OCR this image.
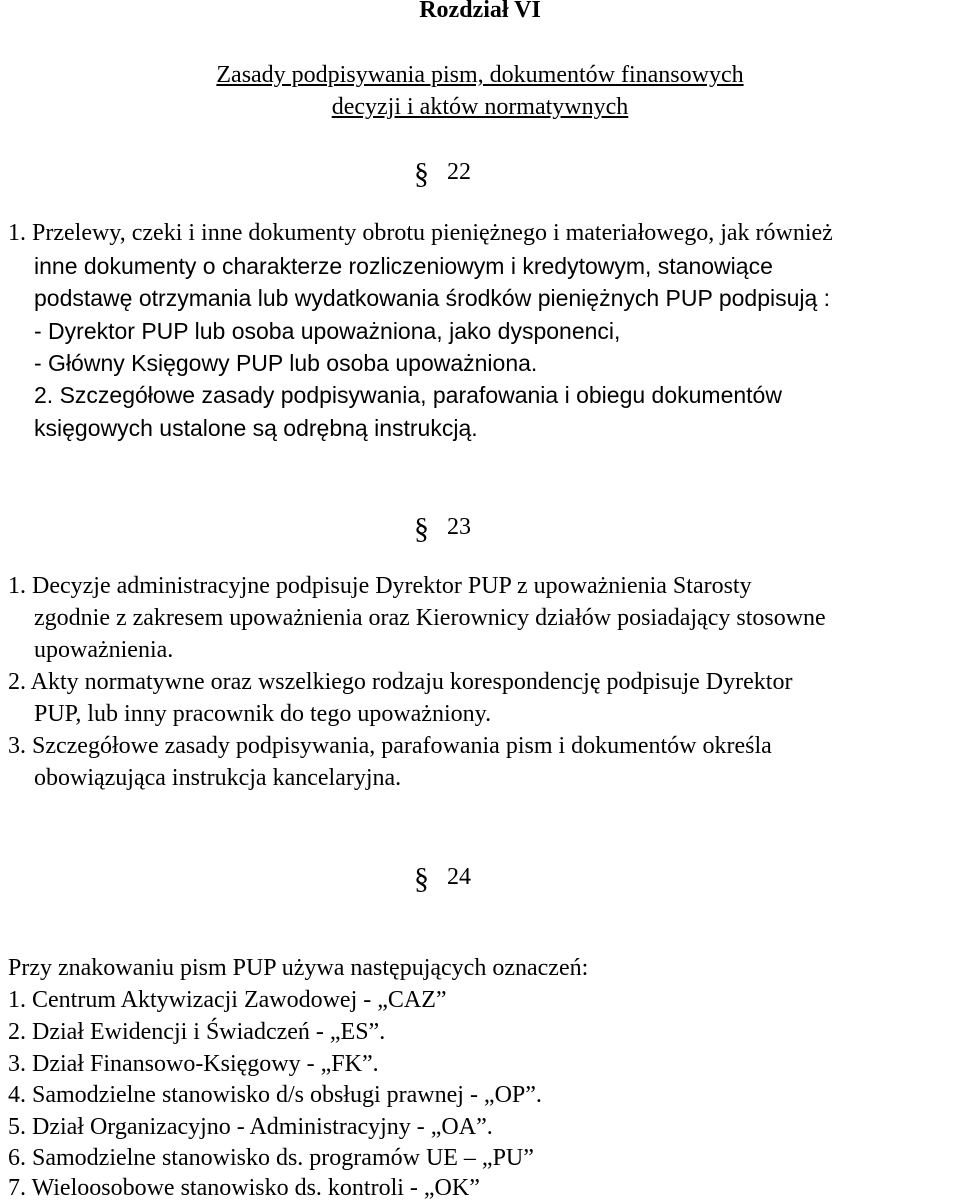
Rozdział VI
Zasady podpisywania pism, dokumentów finansowych
decyzji i aktów normatywnych
§ 22
1. Przelewy, czeki i inne dokumenty obrotu pieniężnego i materiałowego, jak również
inne dokumenty o charakterze rozliczeniowym i kredytowym, stanowiące
podstawę otrzymania lub wydatkowania środków pieniężnych PUP podpisują :
- Dyrektor PUP lub osoba upoważniona, jako dysponenci,
- Główny Księgowy PUP lub osoba upoważniona.
2. Szczegółowe zasady podpisywania, parafowania i obiegu dokumentów
księgowych ustalone są odrębną instrukcją.
§ 23
1. Decyzje administracyjne podpisuje Dyrektor PUP z upoważnienia Starosty
zgodnie z zakresem upoważnienia oraz Kierownicy działów posiadający stosowne
upoważnienia.
2. Akty normatywne oraz wszelkiego rodzaju korespondencję podpisuje Dyrektor
PUP, lub inny pracownik do tego upoważniony.
3. Szczegółowe zasady podpisywania, parafowania pism i dokumentów określa
obowiązująca instrukcja kancelaryjna.
§ 24
Przy znakowaniu pism PUP używa następujących oznaczeń:
1. Centrum Aktywizacji Zawodowej - „CAZ”
2. Dział Ewidencji i Świadczeń - „ES”.
3. Dział Finansowo-Księgowy - „FK”.
4. Samodzielne stanowisko d/s obsługi prawnej - „OP”.
5. Dział Organizacyjno - Administracyjny - „OA”.
6. Samodzielne stanowisko ds. programów UE – „PU”
7. Wieloosobowe stanowisko ds. kontroli - „OK”
